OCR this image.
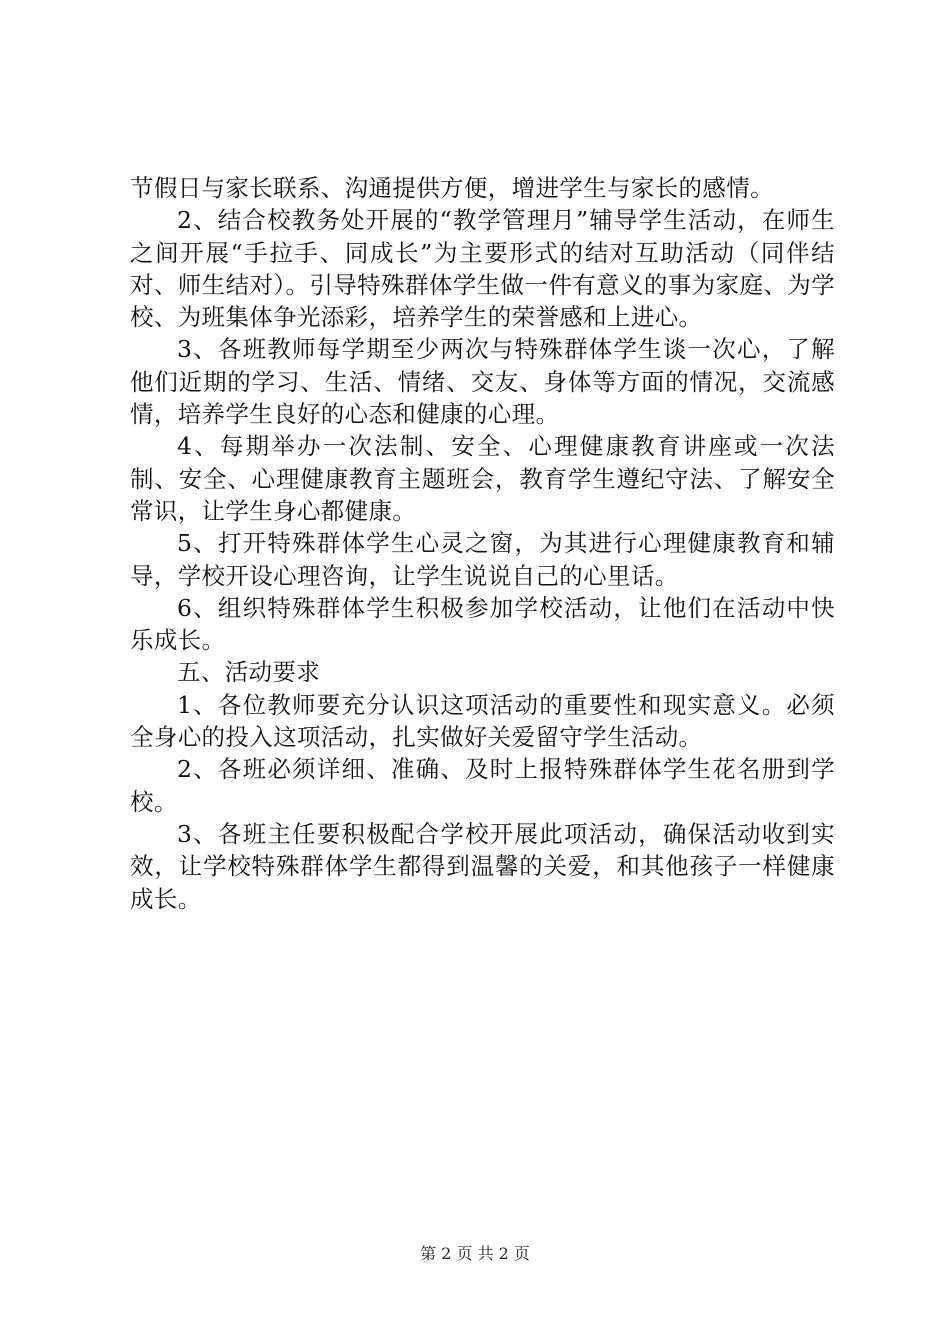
节假日与家长联系、沟通提供方便，增进学生与家长的感情。

2、结合校教务处开展的“教学管理月”辅导学生活动，在师生之间开展“手拉手、同成长”为主要形式的结对互助活动（同伴结对、师生结对）。引导特殊群体学生做一件有意义的事为家庭、为学校、为班集体争光添彩，培养学生的荣誉感和上进心。

3、各班教师每学期至少两次与特殊群体学生谈一次心，了解他们近期的学习、生活、情绪、交友、身体等方面的情况，交流感情，培养学生良好的心态和健康的心理。

4、每期举办一次法制、安全、心理健康教育讲座或一次法制、安全、心理健康教育主题班会，教育学生遵纪守法、了解安全常识，让学生身心都健康。

5、打开特殊群体学生心灵之窗，为其进行心理健康教育和辅导，学校开设心理咨询，让学生说说自己的心里话。

6、组织特殊群体学生积极参加学校活动，让他们在活动中快乐成长。

五、活动要求

1、各位教师要充分认识这项活动的重要性和现实意义。必须全身心的投入这项活动，扎实做好关爱留守学生活动。

2、各班必须详细、准确、及时上报特殊群体学生花名册到学校。

3、各班主任要积极配合学校开展此项活动，确保活动收到实效，让学校特殊群体学生都得到温馨的关爱，和其他孩子一样健康成长。

第 2 页 共 2 页
